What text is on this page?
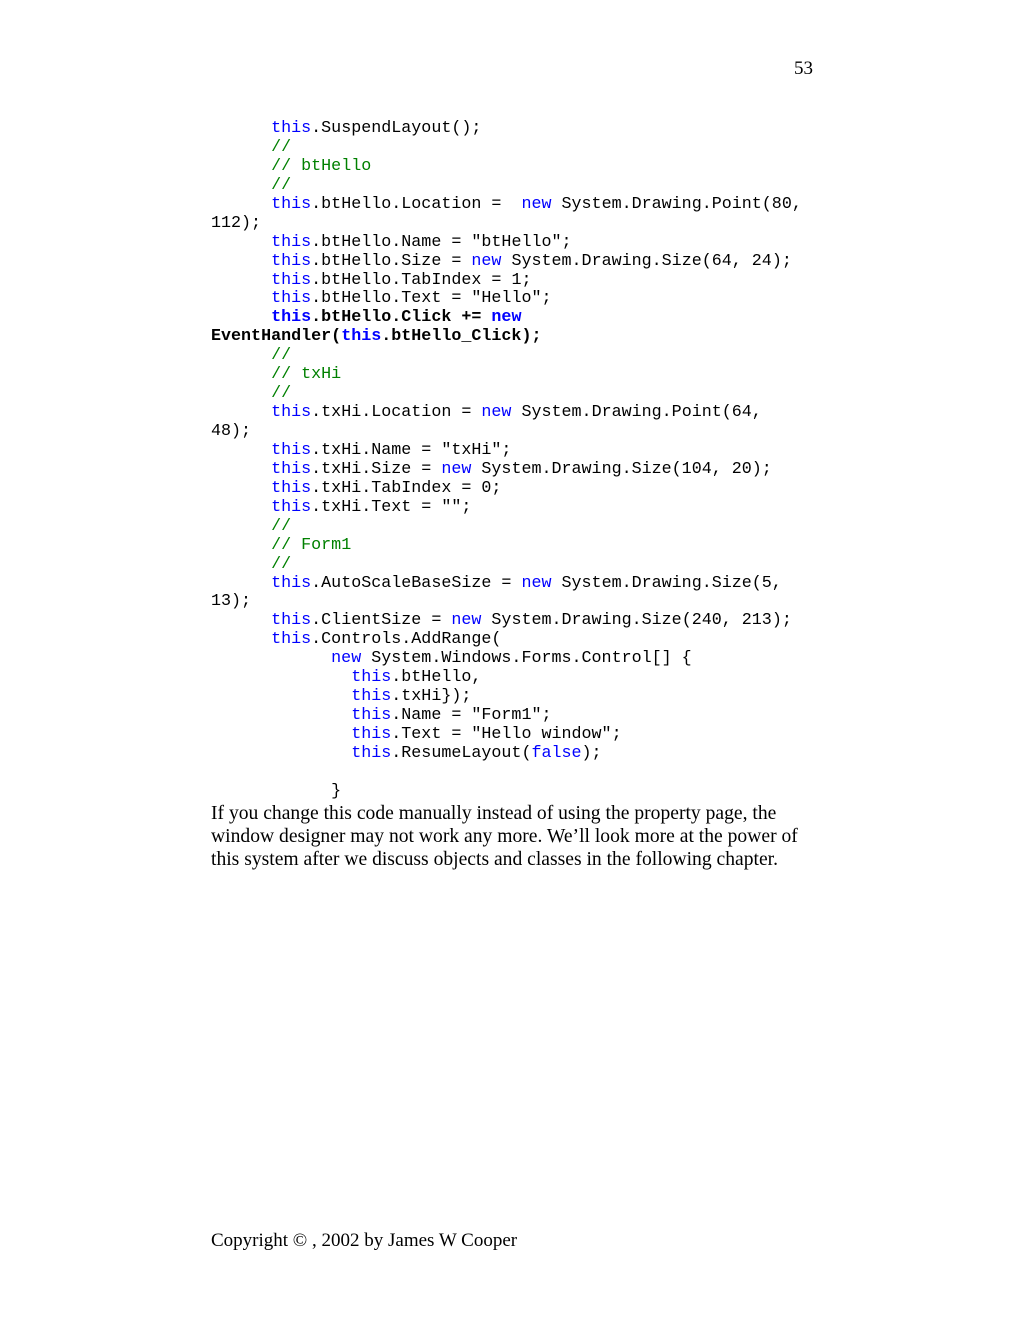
53
this.SuspendLayout();
//
// btHello
//
this.btHello.Location =  new System.Drawing.Point(80,
112);
this.btHello.Name = "btHello";
this.btHello.Size = new System.Drawing.Size(64, 24);
this.btHello.TabIndex = 1;
this.btHello.Text = "Hello";
this.btHello.Click += new
EventHandler(this.btHello_Click);
//
// txHi
//
this.txHi.Location = new System.Drawing.Point(64,
48);
this.txHi.Name = "txHi";
this.txHi.Size = new System.Drawing.Size(104, 20);
this.txHi.TabIndex = 0;
this.txHi.Text = "";
//
// Form1
//
this.AutoScaleBaseSize = new System.Drawing.Size(5,
13);
this.ClientSize = new System.Drawing.Size(240, 213);
this.Controls.AddRange(
new System.Windows.Forms.Control[] {
this.btHello,
this.txHi});
this.Name = "Form1";
this.Text = "Hello window";
this.ResumeLayout(false);
}

If you change this code manually instead of using the property page, the window designer may not work any more. We’ll look more at the power of this system after we discuss objects and classes in the following chapter.

Copyright © , 2002 by James W Cooper
